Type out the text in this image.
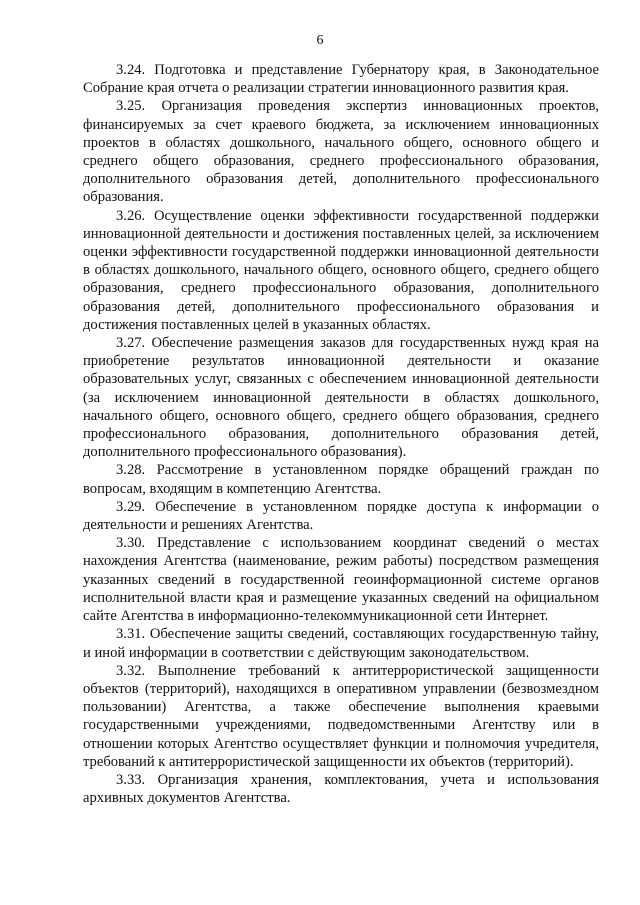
6

3.24. Подготовка и представление Губернатору края, в Законодательное Собрание края отчета о реализации стратегии инновационного развития края.

3.25. Организация проведения экспертиз инновационных проектов, финансируемых за счет краевого бюджета, за исключением инновационных проектов в областях дошкольного, начального общего, основного общего и среднего общего образования, среднего профессионального образования, дополнительного образования детей, дополнительного профессионального образования.

3.26. Осуществление оценки эффективности государственной поддержки инновационной деятельности и достижения поставленных целей, за исключением оценки эффективности государственной поддержки инновационной деятельности в областях дошкольного, начального общего, основного общего, среднего общего образования, среднего профессионального образования, дополнительного образования детей, дополнительного профессионального образования и достижения поставленных целей в указанных областях.

3.27. Обеспечение размещения заказов для государственных нужд края на приобретение результатов инновационной деятельности и оказание образовательных услуг, связанных с обеспечением инновационной деятельности (за исключением инновационной деятельности в областях дошкольного, начального общего, основного общего, среднего общего образования, среднего профессионального образования, дополнительного образования детей, дополнительного профессионального образования).

3.28. Рассмотрение в установленном порядке обращений граждан по вопросам, входящим в компетенцию Агентства.

3.29. Обеспечение в установленном порядке доступа к информации о деятельности и решениях Агентства.

3.30. Представление с использованием координат сведений о местах нахождения Агентства (наименование, режим работы) посредством размещения указанных сведений в государственной геоинформационной системе органов исполнительной власти края и размещение указанных сведений на официальном сайте Агентства в информационно-телекоммуникационной сети Интернет.

3.31. Обеспечение защиты сведений, составляющих государственную тайну, и иной информации в соответствии с действующим законодательством.

3.32. Выполнение требований к антитеррористической защищенности объектов (территорий), находящихся в оперативном управлении (безвозмездном пользовании) Агентства, а также обеспечение выполнения краевыми государственными учреждениями, подведомственными Агентству или в отношении которых Агентство осуществляет функции и полномочия учредителя, требований к антитеррористической защищенности их объектов (территорий).

3.33. Организация хранения, комплектования, учета и использования архивных документов Агентства.
